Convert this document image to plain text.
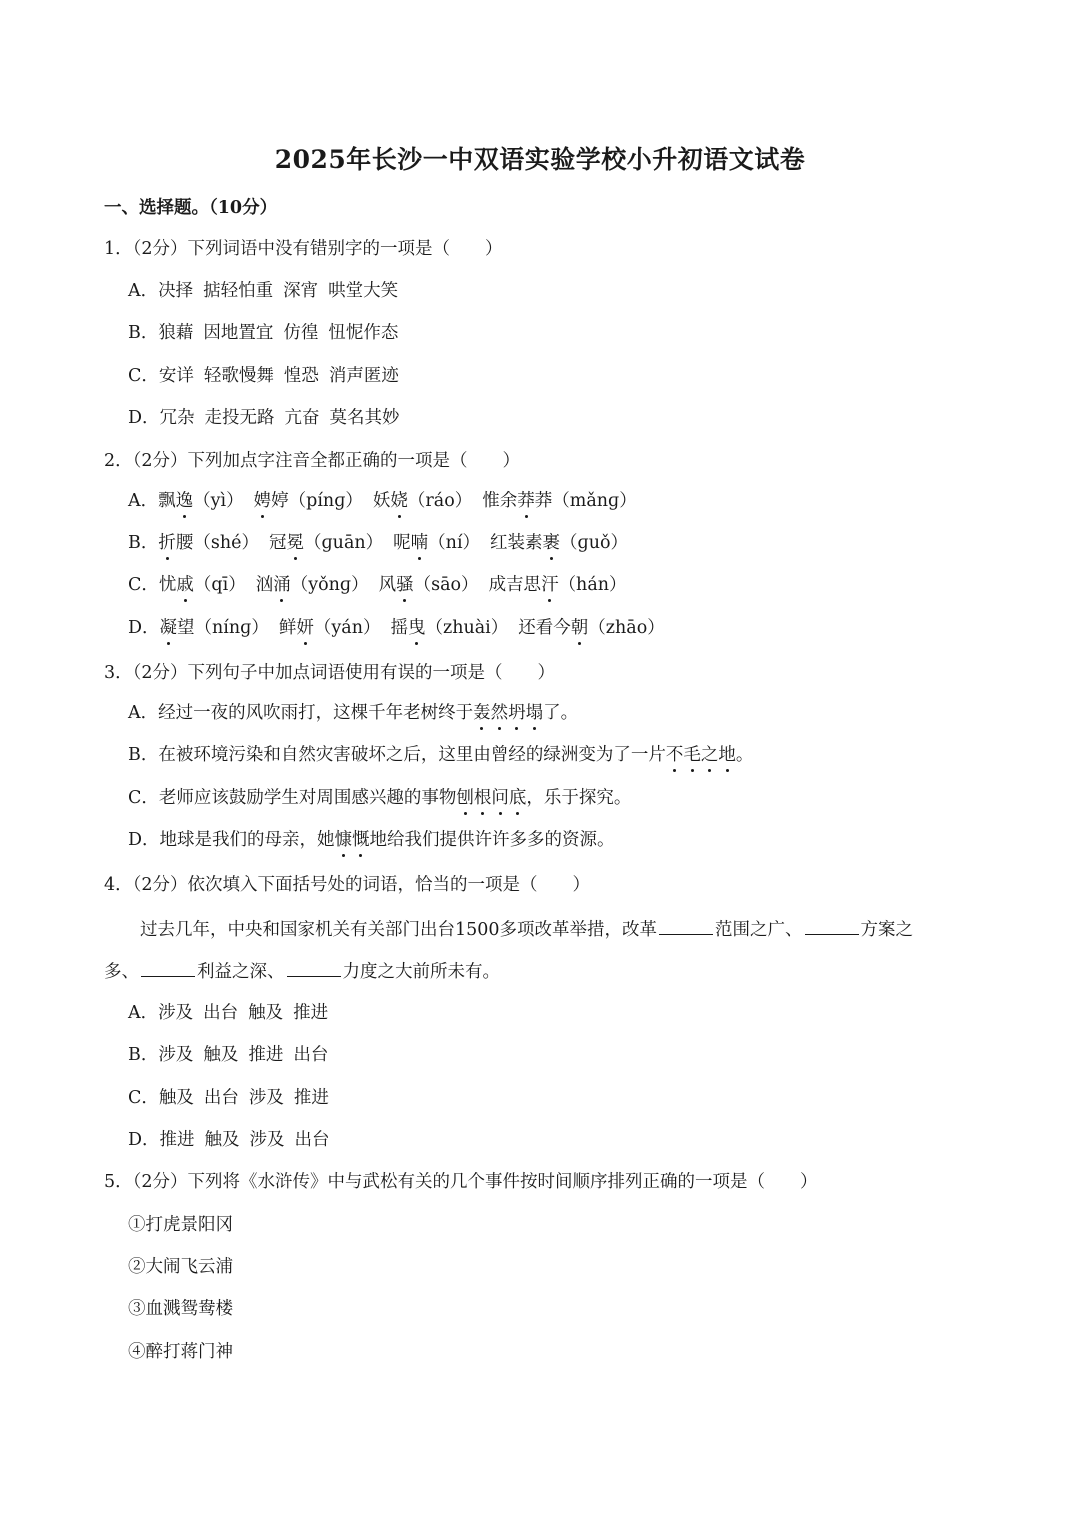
2025年长沙一中双语实验学校小升初语文试卷
一、选择题。（10分）
1．（2分）下列词语中没有错别字的一项是（　　）
A．决择 掂轻怕重 深宵 哄堂大笑
B．狼藉 因地置宜 仿徨 忸怩作态
C．安详 轻歌慢舞 惶恐 消声匿迹
D．冗杂 走投无路 亢奋 莫名其妙
2．（2分）下列加点字注音全都正确的一项是（　　）
A．飘逸（yì） 娉婷（pínɡ） 妖娆（ráo） 惟余莽莽（mǎnɡ）
B．折腰（shé） 冠冕（ɡuān） 呢喃（ní） 红装素裹（ɡuǒ）
C．忧戚（qī） 汹涌（yǒnɡ） 风骚（sāo） 成吉思汗（hán）
D．凝望（nínɡ） 鲜妍（yán） 摇曳（zhuài） 还看今朝（zhāo）
3．（2分）下列句子中加点词语使用有误的一项是（　　）
A．经过一夜的风吹雨打，这棵千年老树终于轰然坍塌了。
B．在被环境污染和自然灾害破坏之后，这里由曾经的绿洲变为了一片不毛之地。
C．老师应该鼓励学生对周围感兴趣的事物刨根问底，乐于探究。
D．地球是我们的母亲，她慷慨地给我们提供许许多多的资源。
4．（2分）依次填入下面括号处的词语，恰当的一项是（　　）
过去几年，中央和国家机关有关部门出台1500多项改革举措，改革	范围之广、	方案之
多、	利益之深、	力度之大前所未有。
A．涉及 出台 触及 推进
B．涉及 触及 推进 出台
C．触及 出台 涉及 推进
D．推进 触及 涉及 出台
5．（2分）下列将《水浒传》中与武松有关的几个事件按时间顺序排列正确的一项是（　　）
①打虎景阳冈
②大闹飞云浦
③血溅鸳鸯楼
④醉打蒋门神
